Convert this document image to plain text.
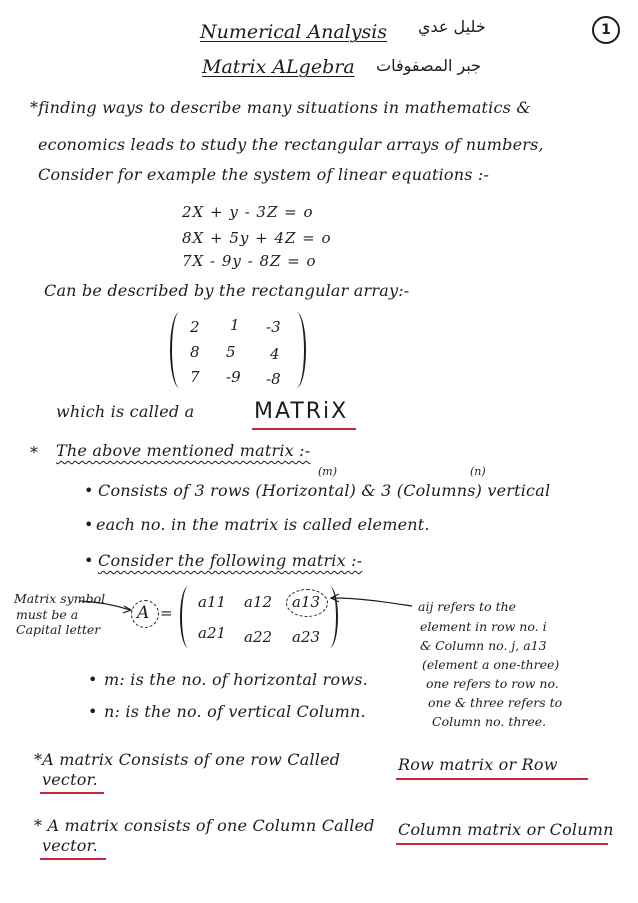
Numerical Analysis خليل عدي	1
Matrix ALgebra جبر المصفوفات
*finding ways to describe many situations in mathematics &
economics leads to study the rectangular arrays of numbers,
Consider for example the system of linear equations :-
2X + y - 3Z = o
8X + 5y + 4Z = o
7X - 9y - 8Z = o
Can be described by the rectangular array:-
2 1 -3
8 5 4
7 -9 -8
which is called a	MATRiX
* The above mentioned matrix :-
(m)	(n)
• Consists of 3 rows (Horizontal) & 3 (Columns) vertical
• each no. in the matrix is called element.
• Consider the following matrix :-
Matrix symbol
must be a
Capital letter
A =
a11 a12 a13
a21 a22 a23
aij refers to the
element in row no. i
& Column no. j, a13
(element a one-three)
one refers to row no.
one & three refers to
Column no. three.
• m: is the no. of horizontal rows.
• n: is the no. of vertical Column.
*A matrix Consists of one row Called	Row matrix or Row
vector.
* A matrix consists of one Column Called Column matrix or Column
vector.
